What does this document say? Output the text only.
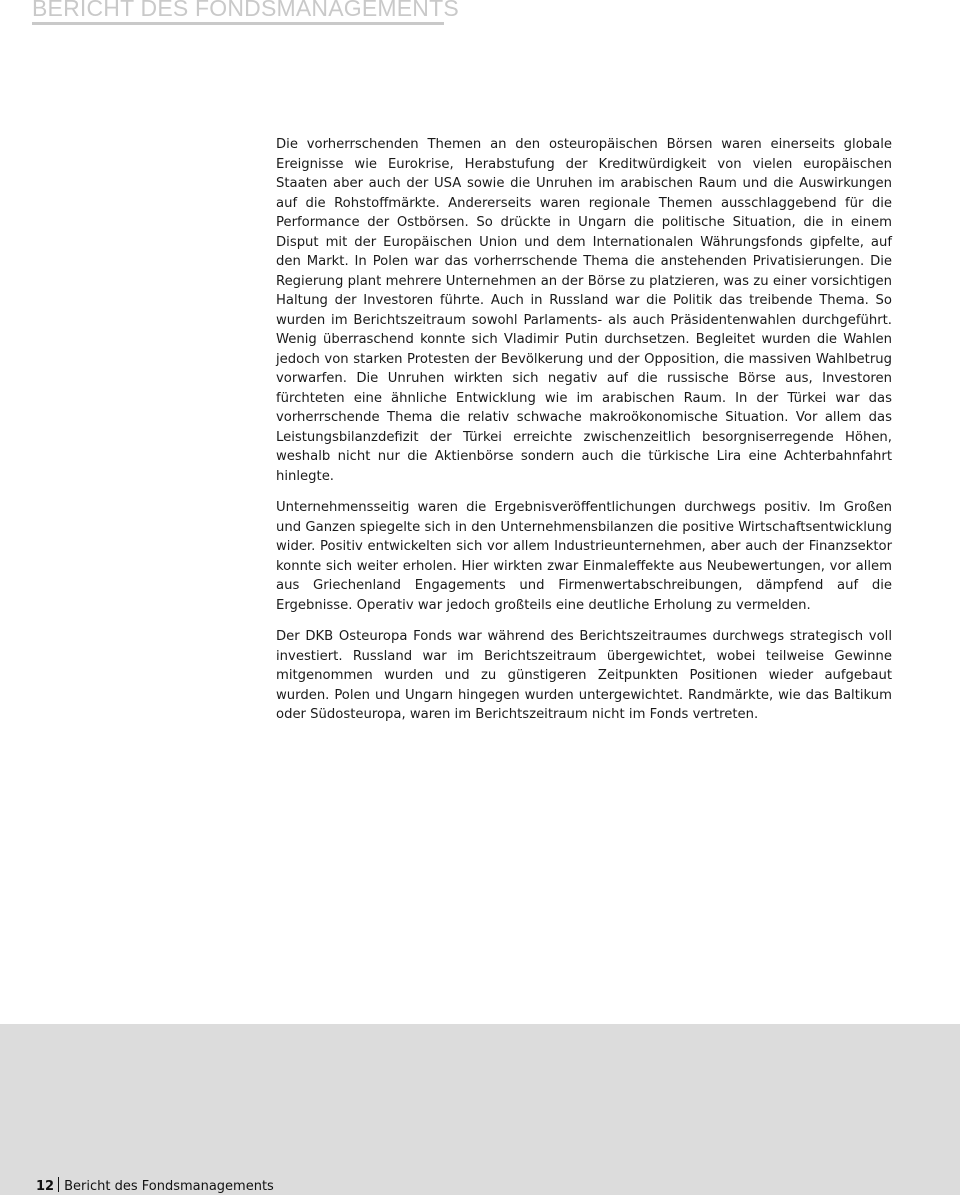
BERICHT DES FONDSMANAGEMENTS

Die vorherrschenden Themen an den osteuropäischen Börsen waren einerseits globale Ereignisse wie Eurokrise, Herabstufung der Kreditwürdigkeit von vielen europäischen Staaten aber auch der USA sowie die Unruhen im arabischen Raum und die Auswirkungen auf die Rohstoffmärkte. Andererseits waren regionale Themen ausschlaggebend für die Performance der Ostbörsen. So drückte in Ungarn die politische Situation, die in einem Disput mit der Europäischen Union und dem Internationalen Währungsfonds gipfelte, auf den Markt. In Polen war das vorherrschende Thema die anstehenden Privatisierungen. Die Regierung plant mehrere Unternehmen an der Börse zu platzieren, was zu einer vorsichtigen Haltung der Investoren führte. Auch in Russland war die Politik das treibende Thema. So wurden im Berichtszeitraum sowohl Parlaments- als auch Präsidentenwahlen durchgeführt. Wenig überraschend konnte sich Vladimir Putin durchsetzen. Begleitet wurden die Wahlen jedoch von starken Protesten der Bevölkerung und der Opposition, die massiven Wahlbetrug vorwarfen. Die Unruhen wirkten sich negativ auf die russische Börse aus, Investoren fürchteten eine ähnliche Entwicklung wie im arabischen Raum. In der Türkei war das vorherrschende Thema die relativ schwache makroökonomische Situation. Vor allem das Leistungsbilanzdefizit der Türkei erreichte zwischenzeitlich besorgniserregende Höhen, weshalb nicht nur die Aktienbörse sondern auch die türkische Lira eine Achterbahnfahrt hinlegte.

Unternehmensseitig waren die Ergebnisveröffentlichungen durchwegs positiv. Im Großen und Ganzen spiegelte sich in den Unternehmensbilanzen die positive Wirtschaftsentwicklung wider. Positiv entwickelten sich vor allem Industrieunternehmen, aber auch der Finanzsektor konnte sich weiter erholen. Hier wirkten zwar Einmaleffekte aus Neubewertungen, vor allem aus Griechenland Engagements und Firmenwertabschreibungen, dämpfend auf die Ergebnisse. Operativ war jedoch großteils eine deutliche Erholung zu vermelden.

Der DKB Osteuropa Fonds war während des Berichtszeitraumes durchwegs strategisch voll investiert. Russland war im Berichtszeitraum übergewichtet, wobei teilweise Gewinne mitgenommen wurden und zu günstigeren Zeitpunkten Positionen wieder aufgebaut wurden. Polen und Ungarn hingegen wurden untergewichtet. Randmärkte, wie das Baltikum oder Südosteuropa, waren im Berichtszeitraum nicht im Fonds vertreten.

12 Bericht des Fondsmanagements
